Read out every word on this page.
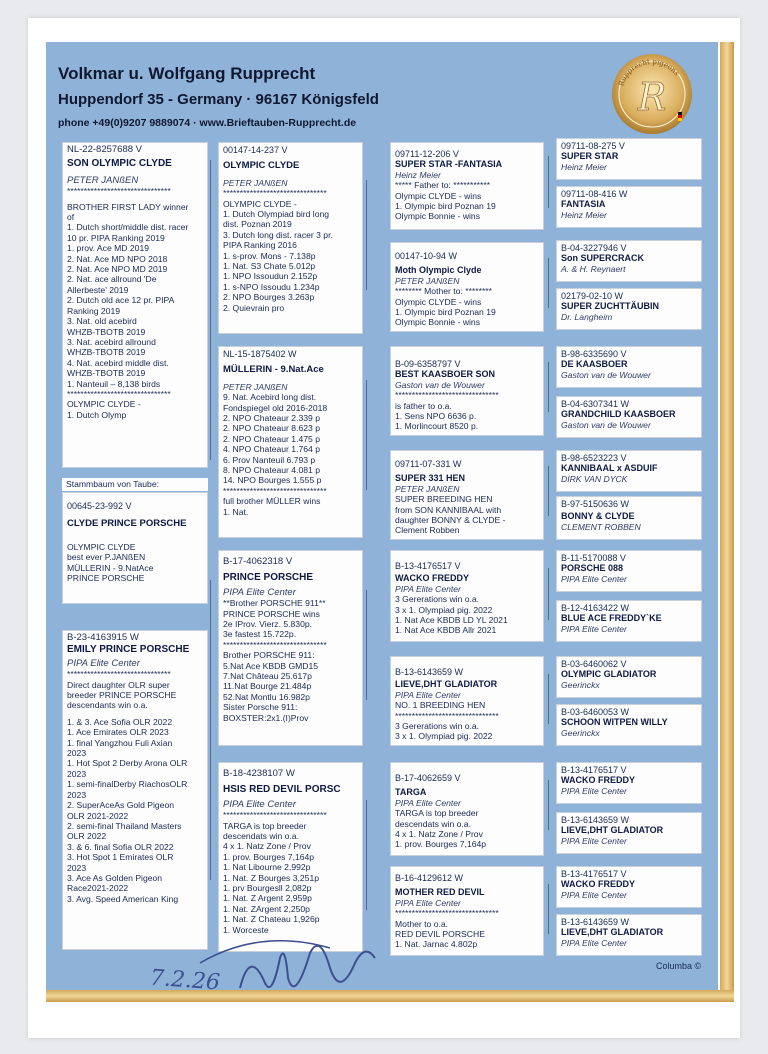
Volkmar u. Wolfgang Rupprecht
Huppendorf 35 - Germany · 96167 Königsfeld
phone +49(0)9207 9889074 · www.Brieftauben-Rupprecht.de
Rupprecht pigeons
R
NL-22-8257688 V
SON OLYMPIC CLYDE
PETER JANßEN
*******************************
BROTHER FIRST LADY winner
of
1. Dutch short/middle dist. racer
10 pr. PIPA Ranking 2019
1. prov. Ace MD 2019
2. Nat. Ace MD NPO 2018
2. Nat. Ace NPO MD 2019
2. Nat. ace allround 'De
Allerbeste' 2019
2. Dutch old ace 12 pr. PIPA
Ranking 2019
3. Nat. old acebird
WHZB-TBOTB 2019
3. Nat. acebird allround
WHZB-TBOTB 2019
4. Nat. acebird middle dist.
WHZB-TBOTB 2019
1. Nanteuil – 8,138 birds
*******************************
OLYMPIC CLYDE -
1. Dutch Olymp
Stammbaum von Taube:
00645-23-992 V
CLYDE PRINCE PORSCHE
OLYMPIC CLYDE
best ever P.JANßEN
MÜLLERIN - 9.NatAce
PRINCE PORSCHE
B-23-4163915 W
EMILY PRINCE PORSCHE
PIPA Elite Center
*******************************
Direct daughter OLR super
breeder PRINCE PORSCHE
descendants win o.a.
1. & 3. Ace Sofia OLR 2022
1. Ace Emirates OLR 2023
1. final Yangzhou Fuli Axian
2023
1. Hot Spot 2 Derby Arona OLR
2023
1. semi-finalDerby RiachosOLR
2023
2. SuperAceAs Gold Pigeon
OLR 2021-2022
2. semi-final Thailand Masters
OLR 2022
3. & 6. final Sofia OLR 2022
3. Hot Spot 1 Emirates OLR
2023
3. Ace As Golden Pigeon
Race2021-2022
3. Avg. Speed American King
00147-14-237 V
OLYMPIC CLYDE
PETER JANßEN
*******************************
OLYMPIC CLYDE -
1. Dutch Olympiad bird long
dist. Poznan 2019
3. Dutch long dist. racer 3 pr.
PIPA Ranking 2016
1. s-prov. Mons - 7.138p
1. Nat. S3 Chate 5.012p
1. NPO Issoudun 2.152p
1. s-NPO Issoudu 1.234p
2. NPO Bourges 3.263p
2. Quievrain pro
NL-15-1875402 W
MÜLLERIN - 9.Nat.Ace
PETER JANßEN
9. Nat. Acebird long dist.
Fondspiegel old 2016-2018
2. NPO Chateaur 2.339 p
2. NPO Chateaur 8.623 p
2. NPO Chateaur 1.475 p
4. NPO Chateaur 1.764 p
6. Prov Nanteuil 6.793 p
8. NPO Chateaur 4.081 p
14. NPO Bourges 1.555 p
*******************************
full brother MÜLLER wins
1. Nat.
B-17-4062318 V
PRINCE PORSCHE
PIPA Elite Center
**Brother PORSCHE 911**
PRINCE PORSCHE wins
2e IProv. Vierz. 5.830p.
3e fastest 15.722p.
*******************************
Brother PORSCHE 911:
5.Nat Ace KBDB GMD15
7.Nat Château 25.617p
11.Nat Bourge 21.484p
52.Nat Montlu 16.982p
Sister Porsche 911:
BOXSTER:2x1.(I)Prov
B-18-4238107 W
HSIS RED DEVIL PORSC
PIPA Elite Center
*******************************
TARGA is top breeder
descendats win o.a.
4 x 1. Natz Zone / Prov
1. prov. Bourges 7,164p
1. Nat Libourne 2,992p
1. Nat. Z Bourges 3,251p
1. prv Bourgesll 2,082p
1. Nat. Z Argent 2,959p
1. Nat. ZArgent 2,250p
1. Nat. Z Chateau 1,926p
1. Worceste
09711-12-206 V
SUPER STAR -FANTASIA
Heinz Meier
***** Father to: ***********
Olympic CLYDE - wins
1. Olympic bird Poznan 19
Olympic Bonnie - wins
00147-10-94 W
Moth Olympic Clyde
PETER JANßEN
******** Mother to: ********
Olympic CLYDE - wins
1. Olympic bird Poznan 19
Olympic Bonnie - wins
B-09-6358797 V
BEST KAASBOER SON
Gaston van de Wouwer
*******************************
is father to o.a.
1. Sens NPO 6636 p.
1. Morlincourt 8520 p.
09711-07-331 W
SUPER 331 HEN
PETER JANßEN
SUPER BREEDING HEN
from SON KANNIBAAL with
daughter BONNY & CLYDE -
Clement Robben
B-13-4176517 V
WACKO FREDDY
PIPA Elite Center
3 Gererations win o.a.
3 x 1. Olympiad pig. 2022
1. Nat Ace KBDB LD YL 2021
1. Nat Ace KBDB Allr 2021
B-13-6143659 W
LIEVE,DHT GLADIATOR
PIPA Elite Center
NO. 1 BREEDING HEN
*******************************
3 Gererations win o.a.
3 x 1. Olympiad pig. 2022
B-17-4062659 V
TARGA
PIPA Elite Center
TARGA is top breeder
descendats win o.a.
4 x 1. Natz Zone / Prov
1. prov. Bourges 7,164p
B-16-4129612 W
MOTHER RED DEVIL
PIPA Elite Center
*******************************
Mother to o.a.
RED DEVIL PORSCHE
1. Nat. Jarnac 4.802p
09711-08-275 V
SUPER STAR
Heinz Meier
09711-08-416 W
FANTASIA
Heinz Meier
B-04-3227946 V
Son SUPERCRACK
A. & H. Reynaert
02179-02-10 W
SUPER ZUCHTTÄUBIN
Dr. Langheim
B-98-6335690 V
DE KAASBOER
Gaston van de Wouwer
B-04-6307341 W
GRANDCHILD KAASBOER
Gaston van de Wouwer
B-98-6523223 V
KANNIBAAL x ASDUIF
DIRK VAN DYCK
B-97-5150636 W
BONNY & CLYDE
CLEMENT ROBBEN
B-11-5170088 V
PORSCHE 088
PIPA Elite Center
B-12-4163422 W
BLUE ACE FREDDY`KE
PIPA Elite Center
B-03-6460062 V
OLYMPIC GLADIATOR
Geerinckx
B-03-6460053 W
SCHOON WITPEN WILLY
Geerinckx
B-13-4176517 V
WACKO FREDDY
PIPA Elite Center
B-13-6143659 W
LIEVE,DHT GLADIATOR
PIPA Elite Center
B-13-4176517 V
WACKO FREDDY
PIPA Elite Center
B-13-6143659 W
LIEVE,DHT GLADIATOR
PIPA Elite Center
Columba ©
7.2.26
